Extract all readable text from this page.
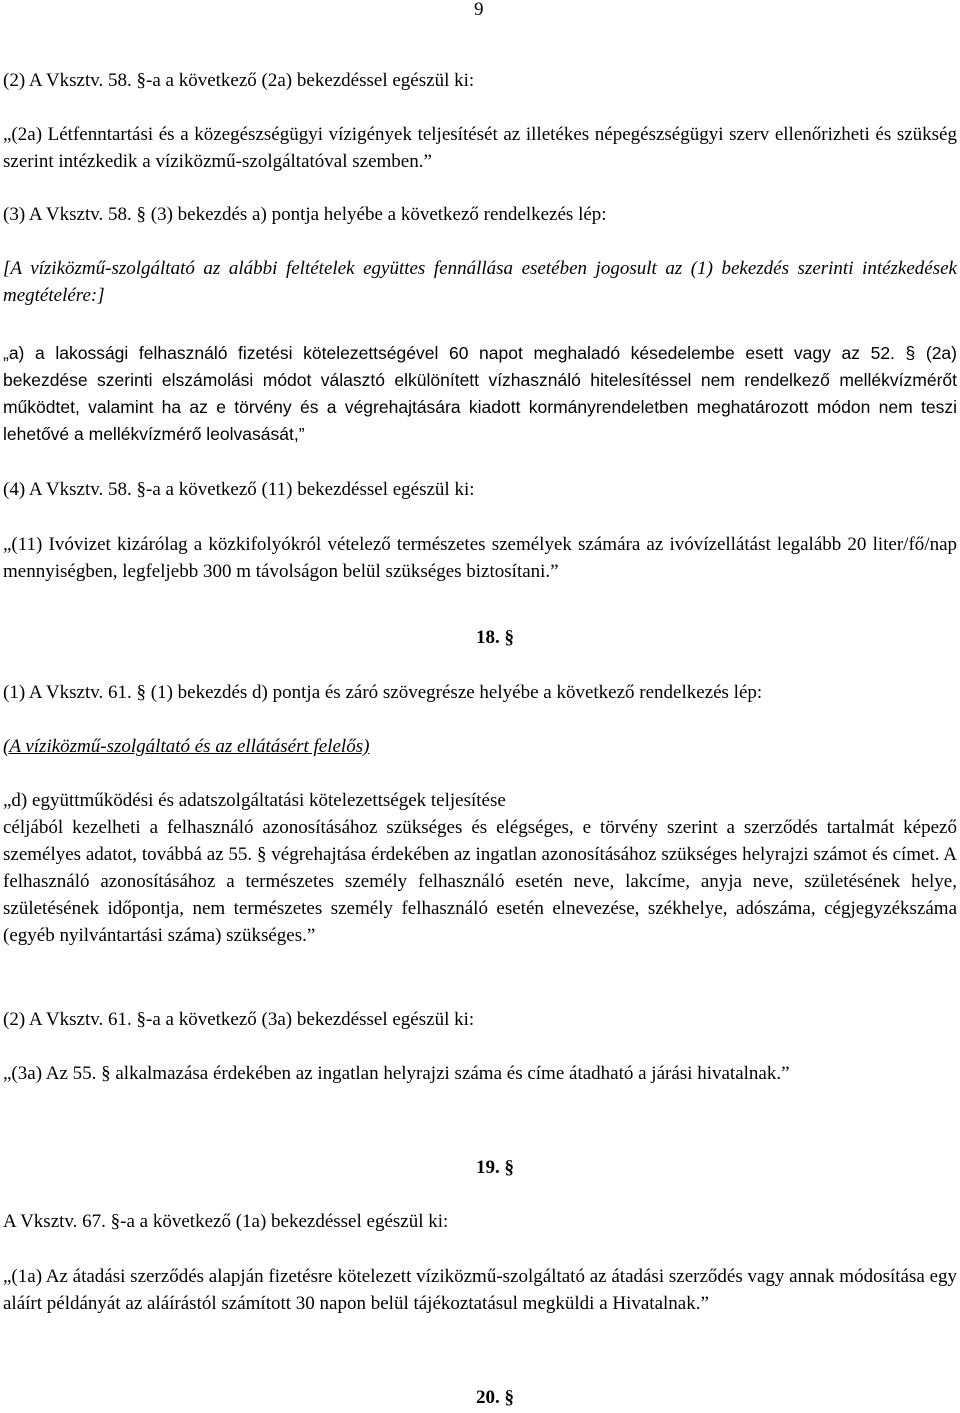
9

(2) A Vksztv. 58. §-a a következő (2a) bekezdéssel egészül ki:

„(2a) Létfenntartási és a közegészségügyi vízigények teljesítését az illetékes népegészségügyi szerv ellenőrizheti és szükség szerint intézkedik a víziközmű-szolgáltatóval szemben.”

(3) A Vksztv. 58. § (3) bekezdés a) pontja helyébe a következő rendelkezés lép:

[A víziközmű-szolgáltató az alábbi feltételek együttes fennállása esetében jogosult az (1) bekezdés szerinti intézkedések megtételére:]

„a) a lakossági felhasználó fizetési kötelezettségével 60 napot meghaladó késedelembe esett vagy az 52. § (2a) bekezdése szerinti elszámolási módot választó elkülönített vízhasználó hitelesítéssel nem rendelkező mellékvízmérőt működtet, valamint ha az e törvény és a végrehajtására kiadott kormányrendeletben meghatározott módon nem teszi lehetővé a mellékvízmérő leolvasását,”

(4) A Vksztv. 58. §-a a következő (11) bekezdéssel egészül ki:

„(11) Ivóvizet kizárólag a közkifolyókról vételező természetes személyek számára az ivóvízellátást legalább 20 liter/fő/nap mennyiségben, legfeljebb 300 m távolságon belül szükséges biztosítani.”

18. §

(1) A Vksztv. 61. § (1) bekezdés d) pontja és záró szövegrésze helyébe a következő rendelkezés lép:

(A víziközmű-szolgáltató és az ellátásért felelős)

„d) együttműködési és adatszolgáltatási kötelezettségek teljesítése

céljából kezelheti a felhasználó azonosításához szükséges és elégséges, e törvény szerint a szerződés tartalmát képező személyes adatot, továbbá az 55. § végrehajtása érdekében az ingatlan azonosításához szükséges helyrajzi számot és címet. A felhasználó azonosításához a természetes személy felhasználó esetén neve, lakcíme, anyja neve, születésének helye, születésének időpontja, nem természetes személy felhasználó esetén elnevezése, székhelye, adószáma, cégjegyzékszáma (egyéb nyilvántartási száma) szükséges.”

(2) A Vksztv. 61. §-a a következő (3a) bekezdéssel egészül ki:

„(3a) Az 55. § alkalmazása érdekében az ingatlan helyrajzi száma és címe átadható a járási hivatalnak.”

19. §

A Vksztv. 67. §-a a következő (1a) bekezdéssel egészül ki:

„(1a) Az átadási szerződés alapján fizetésre kötelezett víziközmű-szolgáltató az átadási szerződés vagy annak módosítása egy aláírt példányát az aláírástól számított 30 napon belül tájékoztatásul megküldi a Hivatalnak.”

20. §
